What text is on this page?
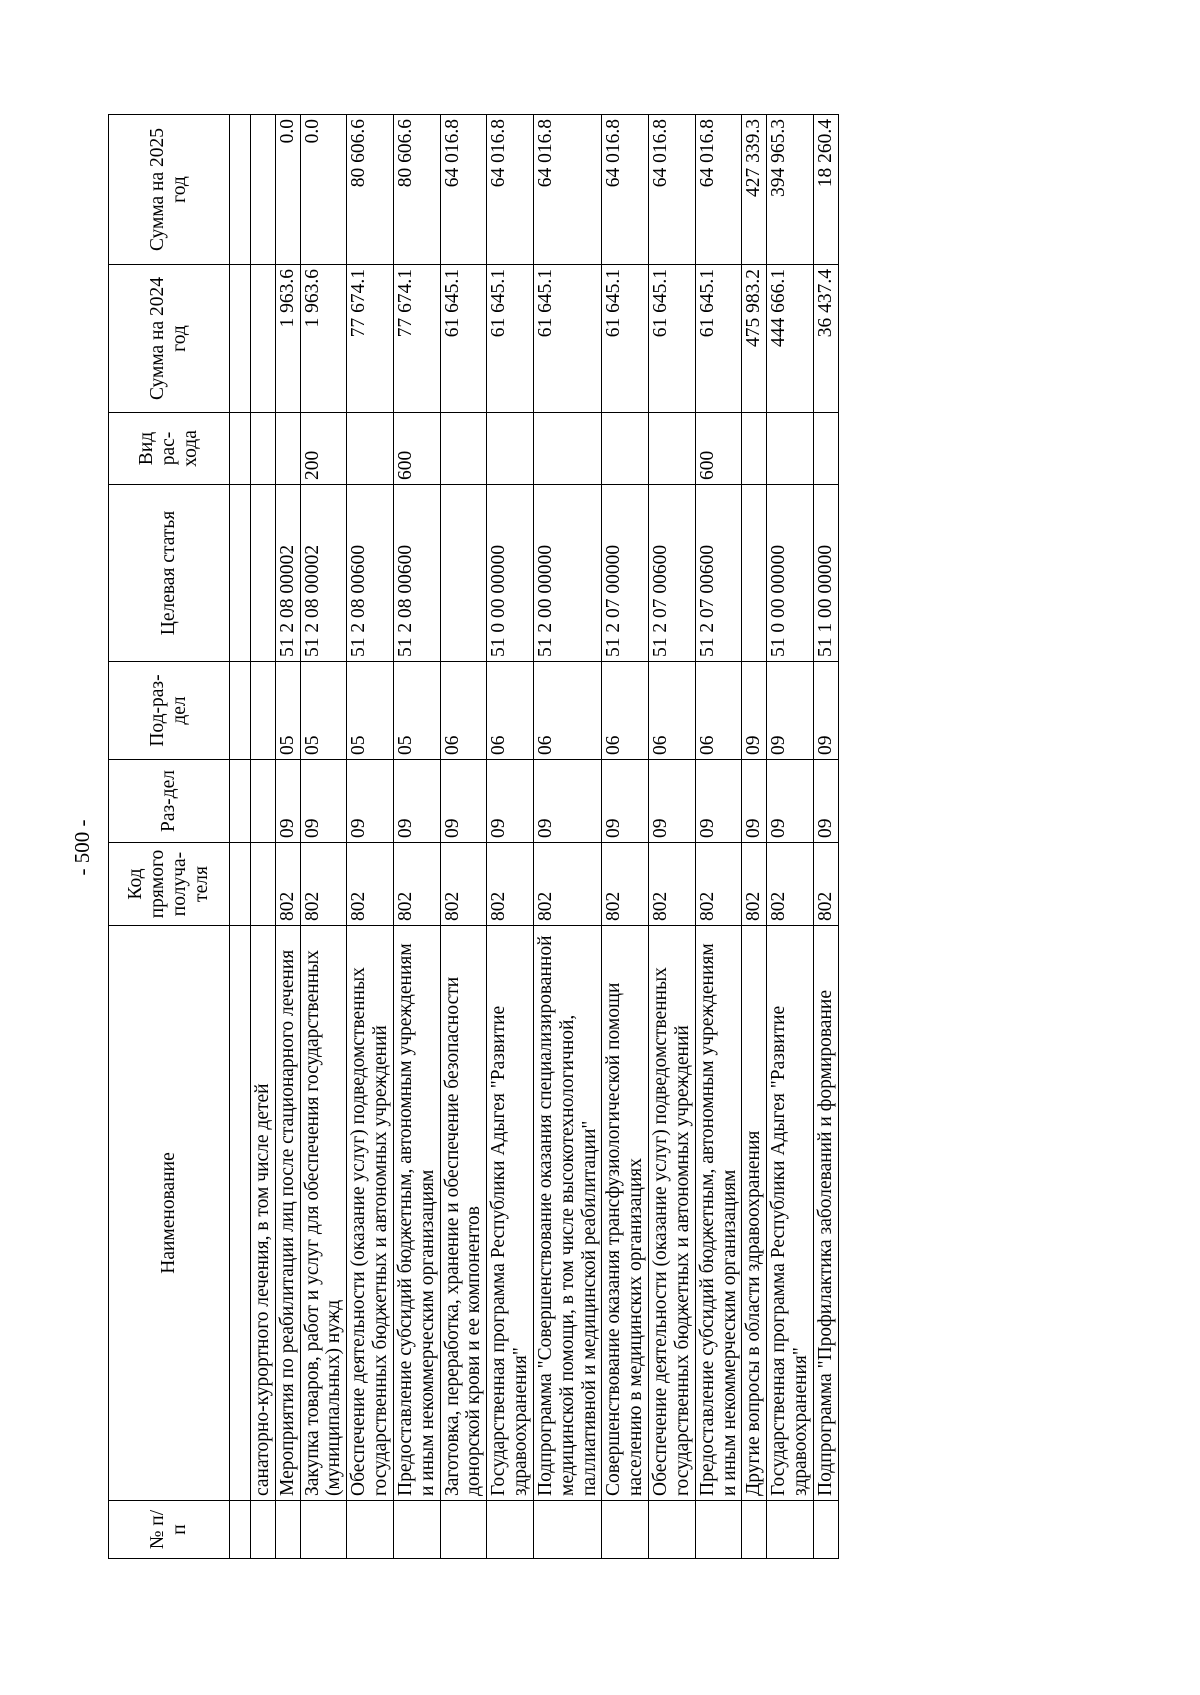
- 500 -
№ п/п	Наименование	Код прямого получа-теля	Раз-дел	Под-раз-дел	Целевая статья	Вид рас-хода	Сумма на 2024 год	Сумма на 2025 год

	санаторно-курортного лечения, в том числе детей							
	Мероприятия по реабилитации лиц после стационарного лечения	802	09	05	51 2 08 00002		1 963.6	0.0
	Закупка товаров, работ и услуг для обеспечения государственных (муниципальных) нужд	802	09	05	51 2 08 00002	200	1 963.6	0.0
	Обеспечение деятельности (оказание услуг) подведомственных государственных бюджетных и автономных учреждений	802	09	05	51 2 08 00600		77 674.1	80 606.6
	Предоставление субсидий бюджетным, автономным учреждениям и иным некоммерческим организациям	802	09	05	51 2 08 00600	600	77 674.1	80 606.6
	Заготовка, переработка, хранение и обеспечение безопасности донорской крови и ее компонентов	802	09	06			61 645.1	64 016.8
	Государственная программа Республики Адыгея "Развитие здравоохранения"	802	09	06	51 0 00 00000		61 645.1	64 016.8
	Подпрограмма "Совершенствование оказания специализированной медицинской помощи, в том числе высокотехнологичной, паллиативной и медицинской реабилитации"	802	09	06	51 2 00 00000		61 645.1	64 016.8
	Совершенствование оказания трансфузиологической помощи населению в медицинских организациях	802	09	06	51 2 07 00000		61 645.1	64 016.8
	Обеспечение деятельности (оказание услуг) подведомственных государственных бюджетных и автономных учреждений	802	09	06	51 2 07 00600		61 645.1	64 016.8
	Предоставление субсидий бюджетным, автономным учреждениям и иным некоммерческим организациям	802	09	06	51 2 07 00600	600	61 645.1	64 016.8
	Другие вопросы в области здравоохранения	802	09	09			475 983.2	427 339.3
	Государственная программа Республики Адыгея "Развитие здравоохранения"	802	09	09	51 0 00 00000		444 666.1	394 965.3
	Подпрограмма "Профилактика заболеваний и формирование	802	09	09	51 1 00 00000		36 437.4	18 260.4
